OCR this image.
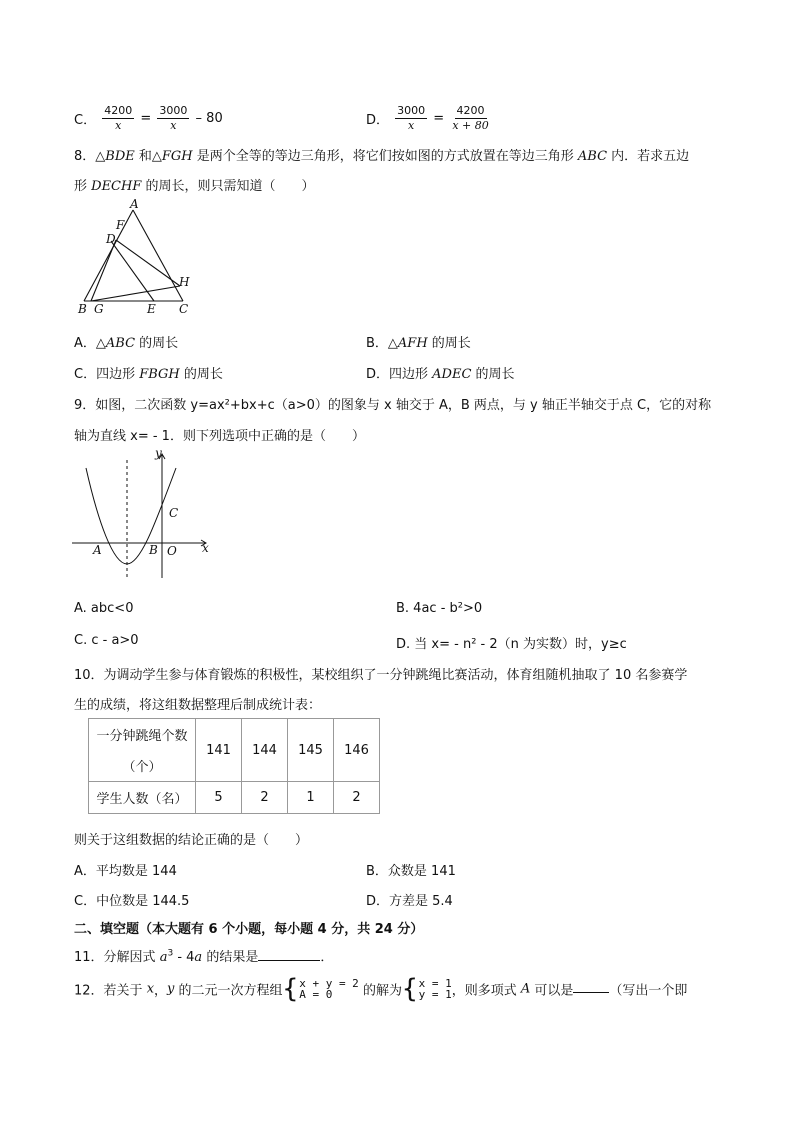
C． $\frac{4200}{x} = \frac{3000}{x} - 80$	D． $\frac{3000}{x} = \frac{4200}{x + 80}$
8．△BDE 和△FGH 是两个全等的等边三角形，将它们按如图的方式放置在等边三角形 ABC 内．若求五边
形 DECHF 的周长，则只需知道（　　）
A
F
D
H
B G	E C
A．△ABC 的周长	B．△AFH 的周长
C．四边形 FBGH 的周长	D．四边形 ADEC 的周长
9．如图，二次函数 y=ax²+bx+c（a>0）的图象与 x 轴交于 A，B 两点，与 y 轴正半轴交于点 C，它的对称
轴为直线 x= - 1．则下列选项中正确的是（　　）
y
x
A	B O
C
A. abc<0	B. 4ac - b²>0
C. c - a>0	D. 当 x= - n² - 2（n 为实数）时，y≥c
10．为调动学生参与体育锻炼的积极性，某校组织了一分钟跳绳比赛活动，体育组随机抽取了 10 名参赛学
生的成绩，将这组数据整理后制成统计表：
一分钟跳绳个数
（个）	141	144	145	146
学生人数（名）	5	2	1	2
则关于这组数据的结论正确的是（　　）
A．平均数是 144	B．众数是 141
C．中位数是 144.5	D．方差是 5.4
二、填空题（本大题有 6 个小题，每小题 4 分，共 24 分）
11．分解因式 $a^3 - 4a$ 的结果是	．
12．若关于 x，y 的二元一次方程组 { x + y = 2
A = 0	的解为 { x = 1
y = 1 ，则多项式 A 可以是	（写出一个即
